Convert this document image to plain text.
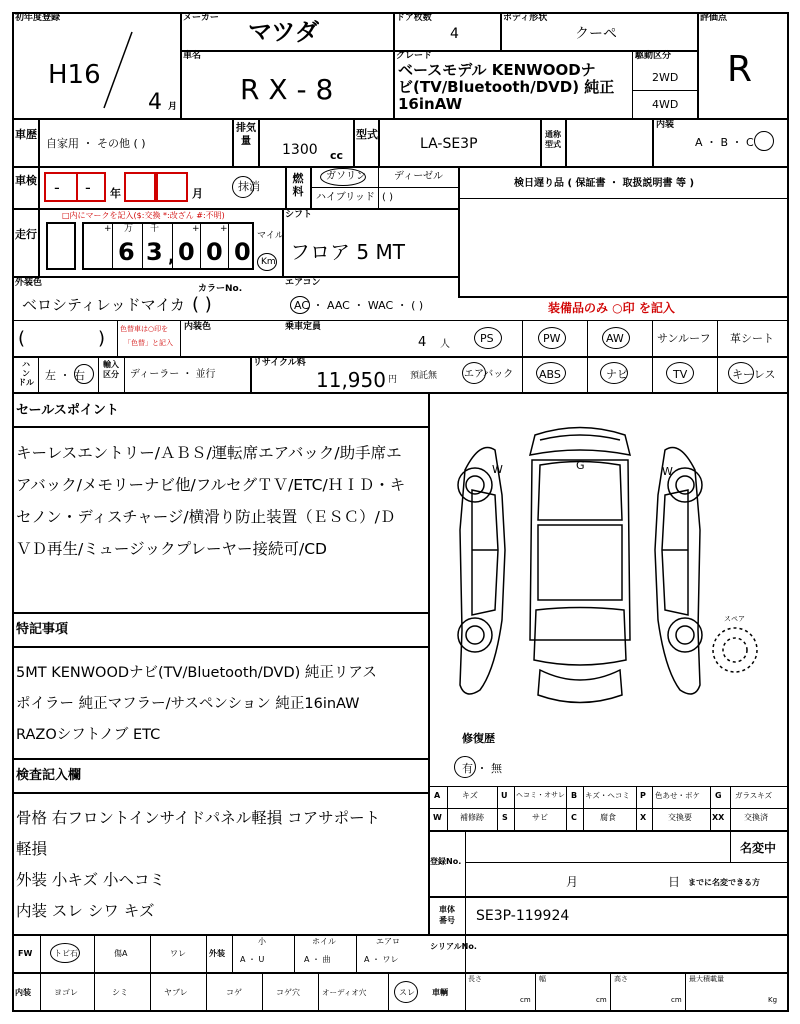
初年度登録
H16
4 月
メーカー マツダ	ドア枚数
4
ボディ形状
クーペ
評価点
R
車名
R X - 8
グレード
ベースモデル KENWOODナ
ビ(TV/Bluetooth/DVD) 純正
16inAW
駆動区分
2WD
4WD
車歴
自家用 ・ その他 ( )
排気量
1300 cc
型式
LA-SE3P
通称型式
内装
A ・ B ・ C
車検 - - 年	月
抹消
燃
料
ガソリン	ディーゼル
ハイブリッド ( )
検日遅り品 ( 保証書 ・ 取扱説明書 等 )
走行
□内にマークを記入($:交換 *:改ざん #:不明)
+ 万 千	+ +
6 3 , 0 0 0
マイル
Km
シフト
フロア 5 MT
外装色
ベロシティレッドマイカ
カラーNo.
( )
エアコン
AC ・ AAC ・ WAC ・ ( )	装備品のみ ○印 を記入
(	) 色替車は○印を
「色替」と記入
内装色	乗車定員
4 人	PS	PW	AW	サンルーフ 革シート
ハ
ン
ドル
左 ・ 右
輸入
区分	ディーラー ・ 並行
リサイクル料
11,950 円 預託無	エアバック ABS	ナビ	TV	キーレス
セールスポイント
キーレスエントリー/ＡＢＳ/運転席エアバック/助手席エ
アバック/メモリーナビ他/フルセグＴＶ/ETC/ＨＩＤ・キ
セノン・ディスチャージ/横滑り防止装置（ＥＳＣ）/Ｄ
ＶＤ再生/ミュージックプレーヤー接続可/CD
特記事項
5MT KENWOODナビ(TV/Bluetooth/DVD) 純正リアス
ポイラー 純正マフラー/サスペンション 純正16inAW
RAZOシフトノブ ETC
検査記入欄
骨格 右フロントインサイドパネル軽損 コアサポート
軽損
外装 小キズ 小ヘコミ
内装 スレ シワ キズ
W	G	W
スペア
修復歴
有 ・ 無
A	キズ	U ヘコミ・オサレ B キズ・ヘコミ P 色あせ・ボケ G ガラスキズ
W 補修跡 S	サビ	C	腐食	X	交換要	XX 交換済
登録No.
名変中
月	日 までに名変できる方
車体
番号	SE3P-119924
FW	トビ石	傷A	ワレ	外装
小
A ・ U
ホイル
A ・ 曲
エアロ
A ・ ワレ
内装	ヨゴレ	シミ	ヤブレ	コゲ	コゲ穴	オーディオ穴	スレ
シリアルNo.
車輌
長さ
cm
幅
cm
高さ
cm
最大積載量
Kg
